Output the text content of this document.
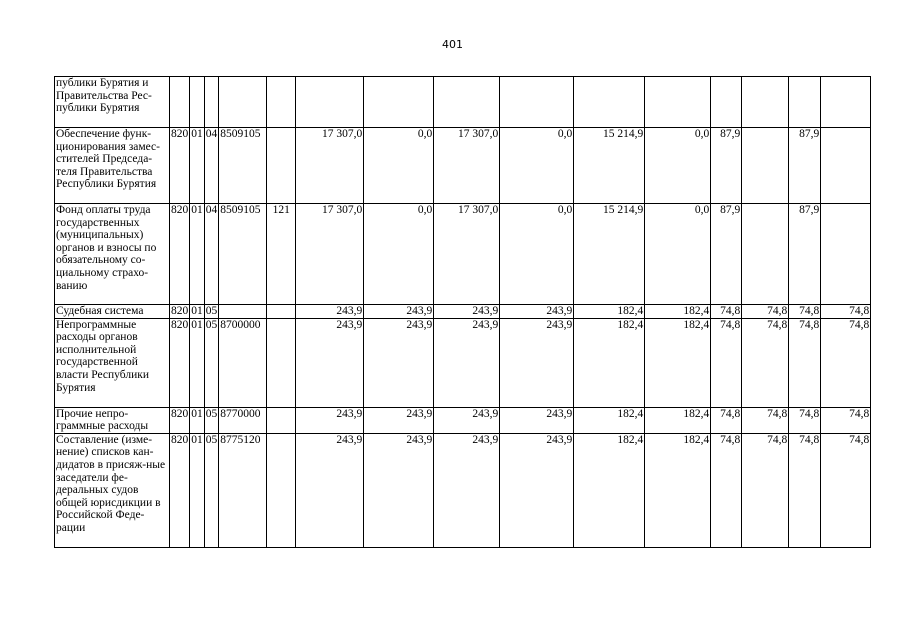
401
публики Бурятия и Правительства Рес-публики Бурятия															
Обеспечение функ-ционирования замес-стителей Председа-теля Правительства Республики Бурятия	820	01	04	8509105		17 307,0	0,0	17 307,0	0,0	15 214,9	0,0	87,9		87,9	
Фонд оплаты труда государственных (муниципальных) органов и взносы по обязательному со-циальному страхо-ванию	820	01	04	8509105	121	17 307,0	0,0	17 307,0	0,0	15 214,9	0,0	87,9		87,9	
Судебная система	820	01	05			243,9	243,9	243,9	243,9	182,4	182,4	74,8	74,8	74,8	74,8
Непрограммные расходы органов исполнительной государственной власти Республики Бурятия	820	01	05	8700000		243,9	243,9	243,9	243,9	182,4	182,4	74,8	74,8	74,8	74,8
Прочие непро-граммные расходы	820	01	05	8770000		243,9	243,9	243,9	243,9	182,4	182,4	74,8	74,8	74,8	74,8
Составление (изме-нение) списков кан-дидатов в присяж-ные заседатели фе-деральных судов общей юрисдикции в Российской Феде-рации	820	01	05	8775120		243,9	243,9	243,9	243,9	182,4	182,4	74,8	74,8	74,8	74,8
